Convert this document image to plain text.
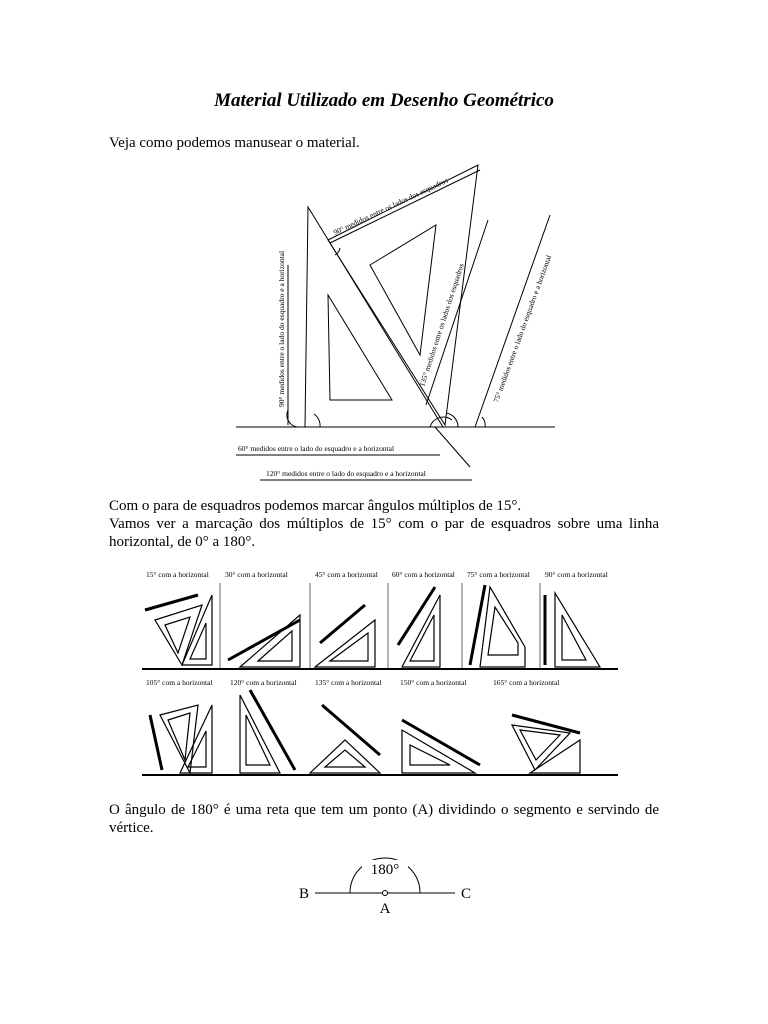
Material Utilizado em Desenho Geométrico

Veja como podemos manusear o material.

90° medidos entre o lado do esquadro e a horizontal
90° medidos entre os lados dos esquadros
135° medidos entre os lados dos esquadros	75° medidos entre o lado do esquadro e a horizontal
60° medidos entre o lado do esquadro e a horizontal
120° medidos entre o lado do esquadro e a horizontal

Com o para de esquadros podemos marcar ângulos múltiplos de 15°.

Vamos ver a marcação dos múltiplos de 15° com o par de esquadros sobre uma linha horizontal, de 0° a 180°.

15° com a horizontal 30° com a horizontal	45° com a horizontal 60° com a horizontal 75° com a horizontal 90° com a horizontal
105° com a horizontal 120° com a horizontal 135° com a horizontal 150° com a horizontal	165° com a horizontal

O ângulo de 180° é uma reta que tem um ponto (A) dividindo o segmento e servindo de vértice.

180°
B
A
C
